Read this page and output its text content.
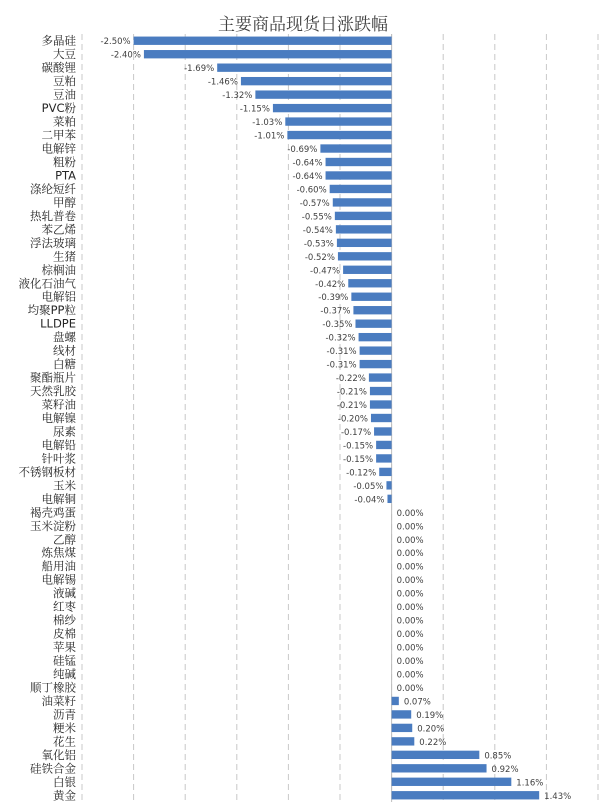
主要商品现货日涨跌幅
多晶硅	-2.50%
大豆	-2.40%
碳酸锂	-1.69%
豆粕	-1.46%
豆油	-1.32%
PVC粉	-1.15%
菜粕	-1.03%
二甲苯	-1.01%
电解锌	-0.69%
粗粉	-0.64%
PTA	-0.64%
涤纶短纤	-0.60%
甲醇	-0.57%
热轧普卷	-0.55%
苯乙烯	-0.54%
浮法玻璃	-0.53%
生猪	-0.52%
棕榈油	-0.47%
液化石油气	-0.42%
电解铝	-0.39%
均聚PP粒	-0.37%
LLDPE	-0.35%
盘螺	-0.32%
线材	-0.31%
白糖	-0.31%
聚酯瓶片	-0.22%
天然乳胶	-0.21%
菜籽油	-0.21%
电解镍	-0.20%
尿素	-0.17%
电解铅	-0.15%
针叶浆	-0.15%
不锈钢板材	-0.12%
玉米	-0.05%
电解铜	-0.04%
褐壳鸡蛋	0.00%
玉米淀粉	0.00%
乙醇	0.00%
炼焦煤	0.00%
船用油	0.00%
电解锡	0.00%
液碱	0.00%
红枣	0.00%
棉纱	0.00%
皮棉	0.00%
苹果	0.00%
硅锰	0.00%
纯碱	0.00%
顺丁橡胶	0.00%
油菜籽	0.07%
沥青	0.19%
粳米	0.20%
花生	0.22%
氧化铝	0.85%
硅铁合金	0.92%
白银	1.16%
黄金	1.43%
